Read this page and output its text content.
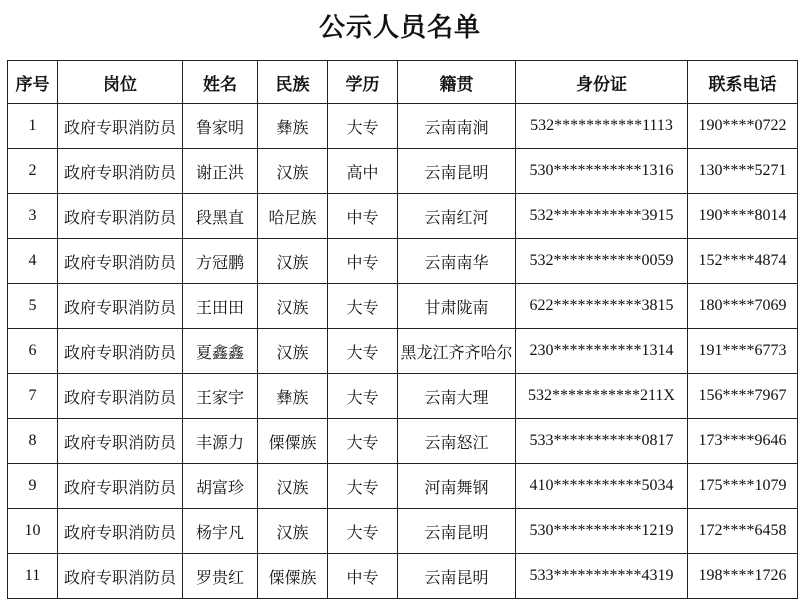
公示人员名单
序号	岗位	姓名	民族	学历	籍贯	身份证	联系电话
1	政府专职消防员	鲁家明	彝族	大专	云南南涧	532***********1113	190****0722
2	政府专职消防员	谢正洪	汉族	高中	云南昆明	530***********1316	130****5271
3	政府专职消防员	段黑直	哈尼族	中专	云南红河	532***********3915	190****8014
4	政府专职消防员	方冠鹏	汉族	中专	云南南华	532***********0059	152****4874
5	政府专职消防员	王田田	汉族	大专	甘肃陇南	622***********3815	180****7069
6	政府专职消防员	夏鑫鑫	汉族	大专	黑龙江齐齐哈尔	230***********1314	191****6773
7	政府专职消防员	王家宇	彝族	大专	云南大理	532***********211X	156****7967
8	政府专职消防员	丰源力	傈僳族	大专	云南怒江	533***********0817	173****9646
9	政府专职消防员	胡富珍	汉族	大专	河南舞钢	410***********5034	175****1079
10	政府专职消防员	杨宇凡	汉族	大专	云南昆明	530***********1219	172****6458
11	政府专职消防员	罗贵红	傈僳族	中专	云南昆明	533***********4319	198****1726
